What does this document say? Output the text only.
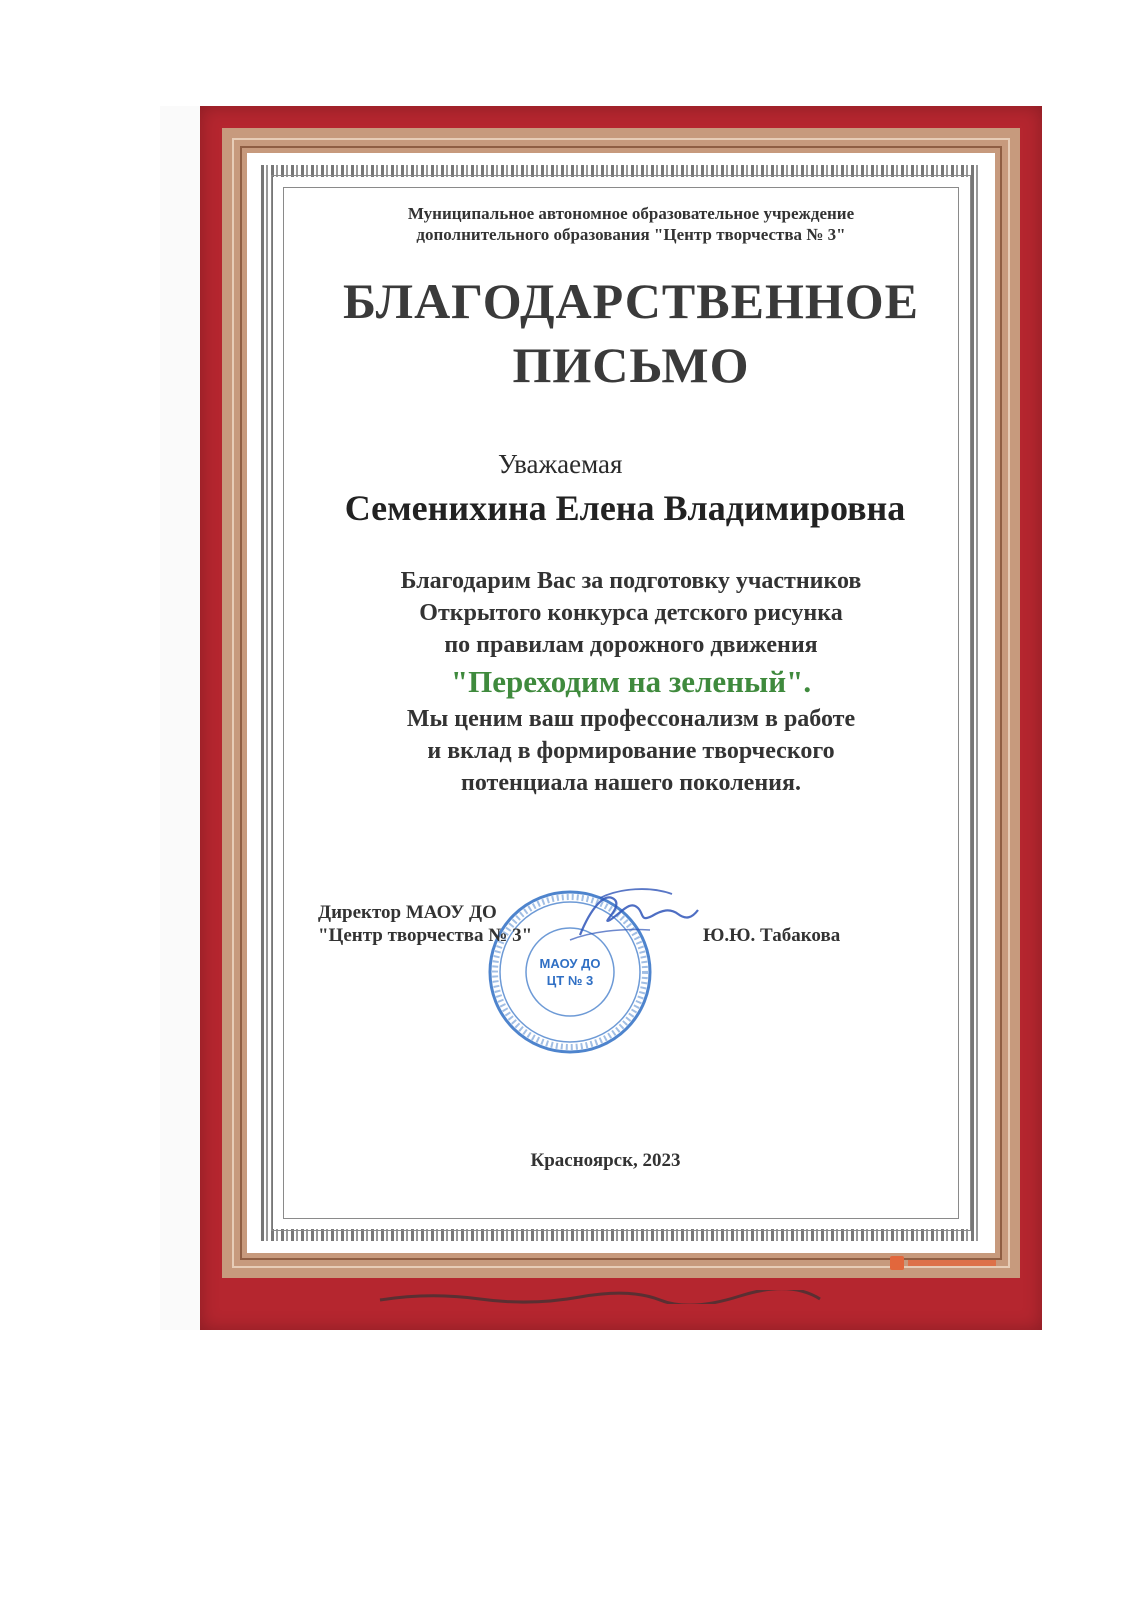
Муниципальное автономное образовательное учреждение
дополнительного образования "Центр творчества № 3"
БЛАГОДАРСТВЕННОЕ
ПИСЬМО
Уважаемая
Семенихина Елена Владимировна
Благодарим Вас за подготовку участников
Открытого конкурса детского рисунка
по правилам дорожного движения
"Переходим на зеленый".
Мы ценим ваш профессонализм в работе
и вклад в формирование творческого
потенциала нашего поколения.
МАОУ ДО
ЦТ № 3
Директор МАОУ ДО
"Центр творчества № 3"	Ю.Ю. Табакова
Красноярск, 2023
